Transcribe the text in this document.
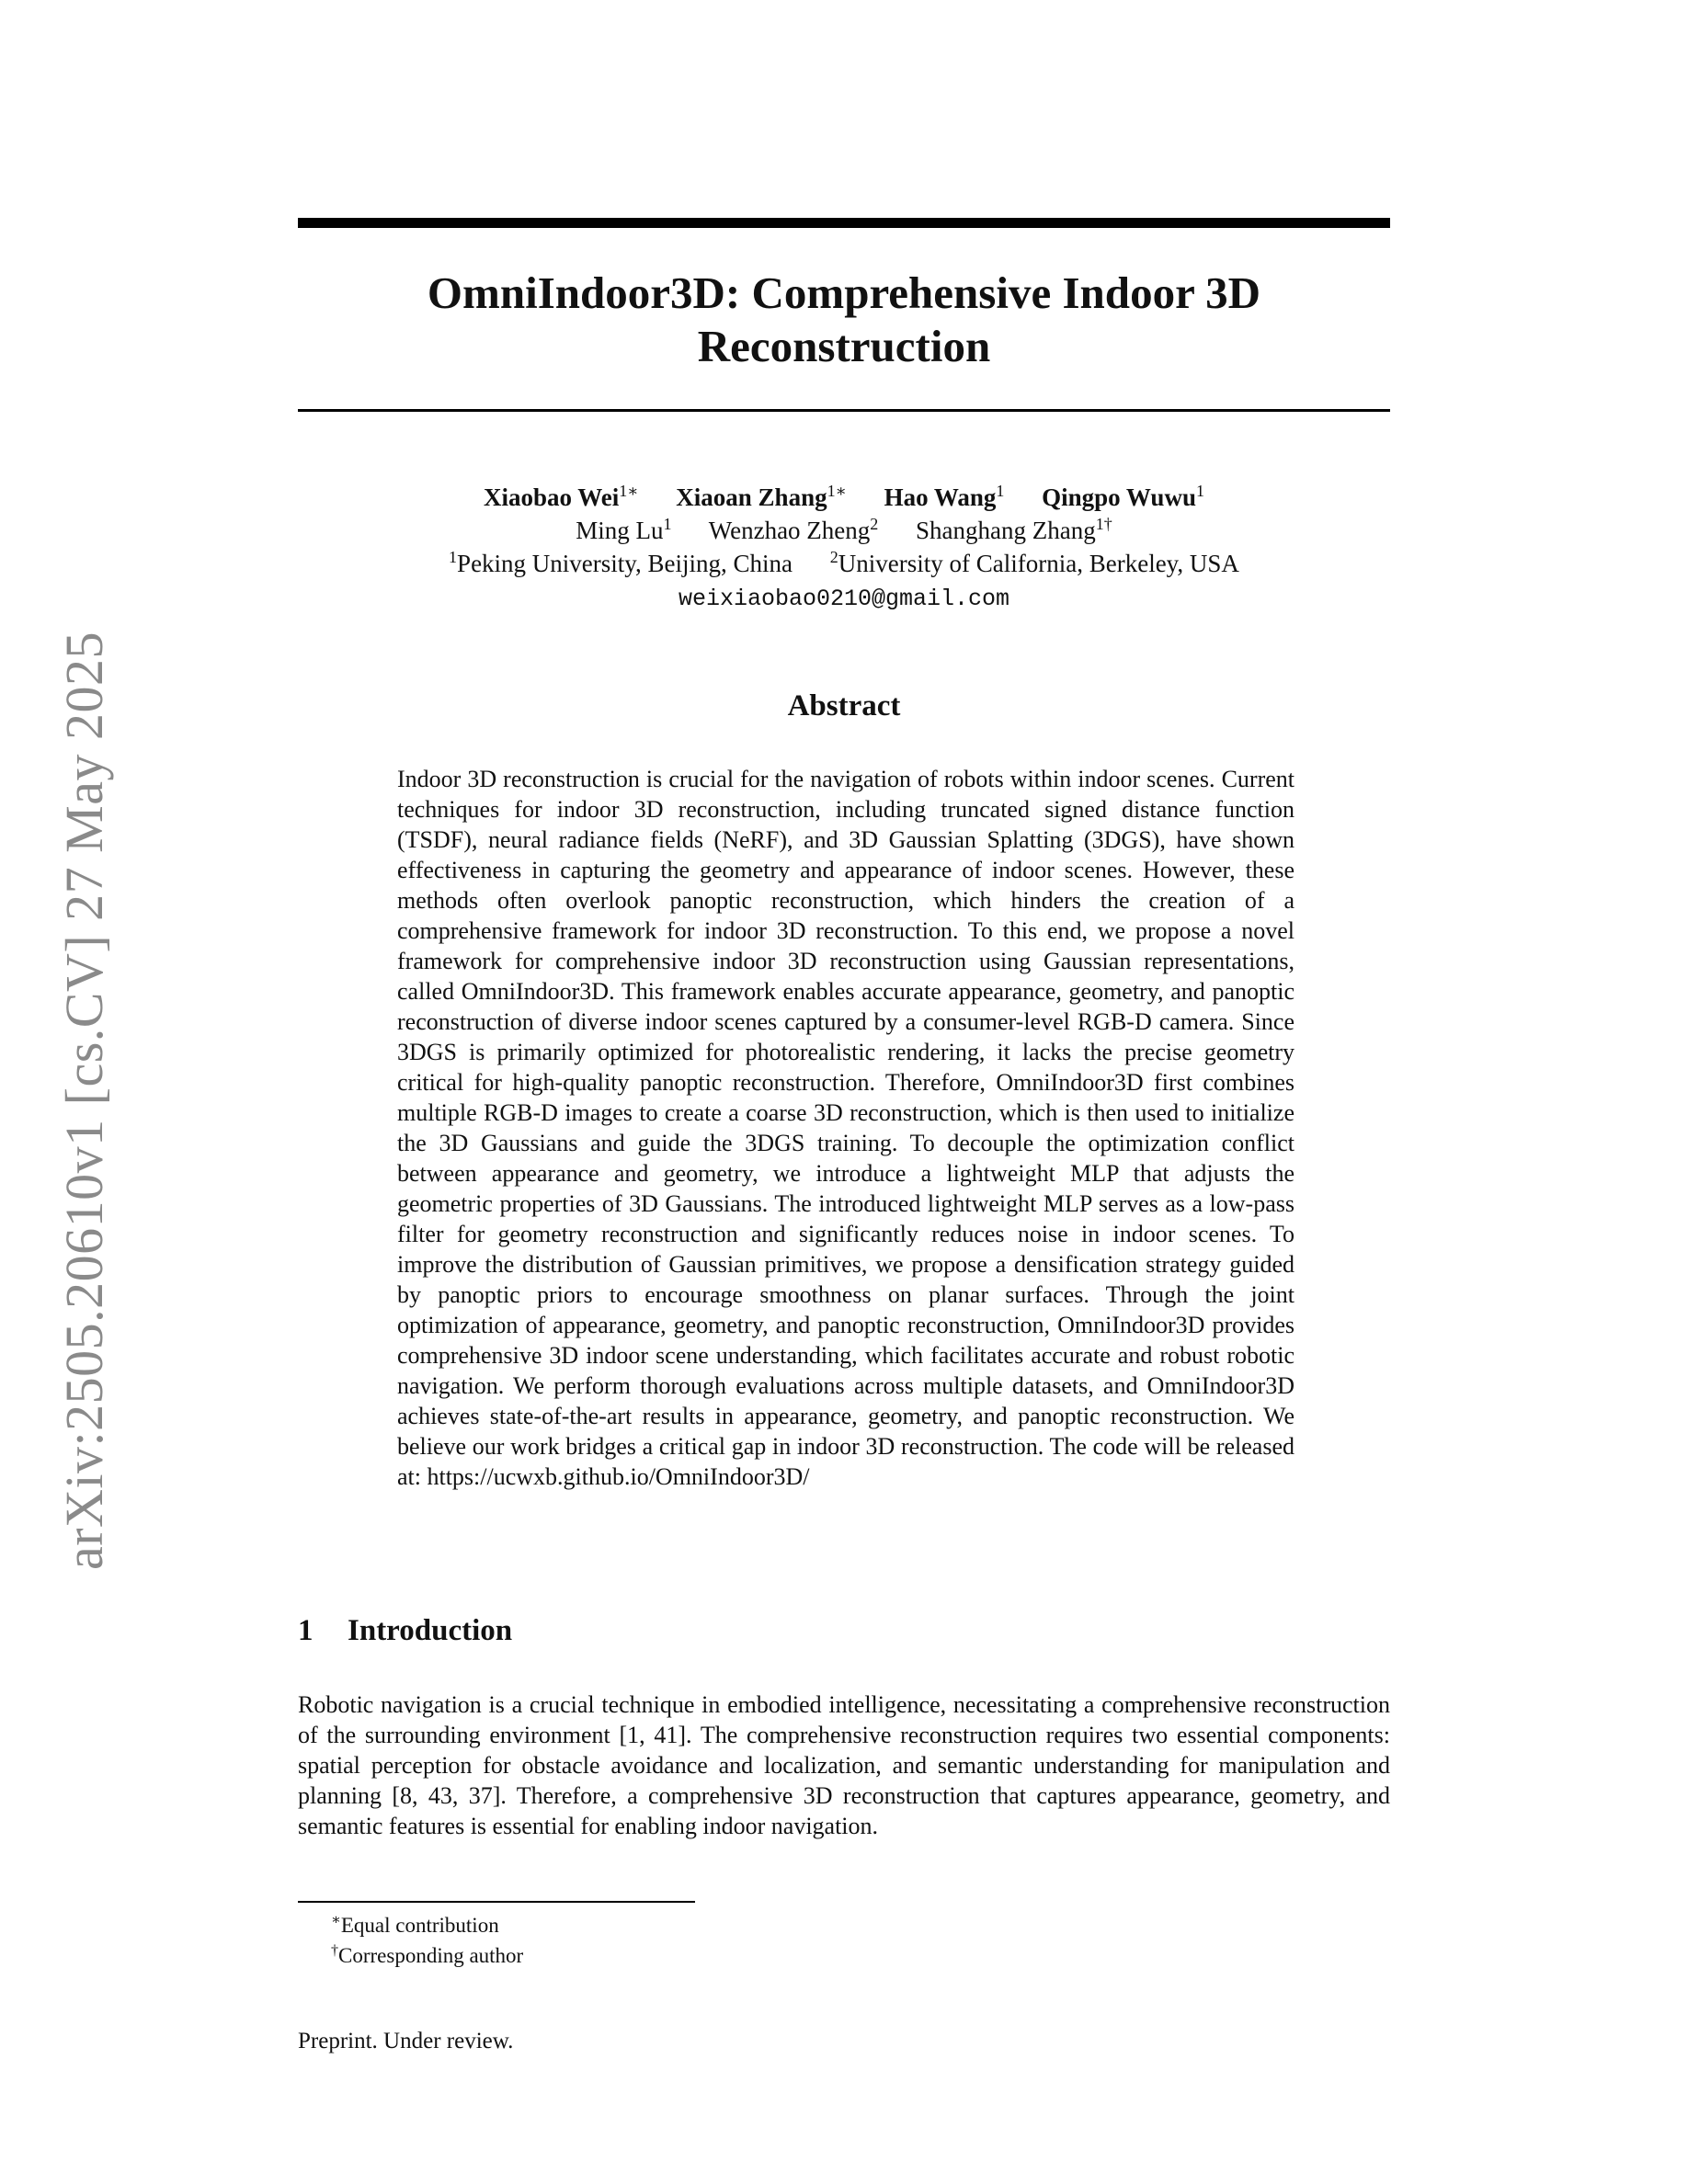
arXiv:2505.20610v1 [cs.CV] 27 May 2025
OmniIndoor3D: Comprehensive Indoor 3D Reconstruction
Xiaobao Wei$^{1∗}$ Xiaoan Zhang$^{1∗}$ Hao Wang$^1$ Qingpo Wuwu$^1$
Ming Lu$^1$ Wenzhao Zheng$^2$ Shanghang Zhang$^{1\dagger}$
$^1$Peking University, Beijing, China $^2$University of California, Berkeley, USA
weixiaobao0210@gmail.com
Abstract

Indoor 3D reconstruction is crucial for the navigation of robots within indoor scenes. Current techniques for indoor 3D reconstruction, including truncated signed distance function (TSDF), neural radiance fields (NeRF), and 3D Gaussian Splatting (3DGS), have shown effectiveness in capturing the geometry and appearance of indoor scenes. However, these methods often overlook panoptic reconstruction, which hinders the creation of a comprehensive framework for indoor 3D reconstruction. To this end, we propose a novel framework for comprehensive indoor 3D reconstruction using Gaussian representations, called OmniIndoor3D. This framework enables accurate appearance, geometry, and panoptic reconstruction of diverse indoor scenes captured by a consumer-level RGB-D camera. Since 3DGS is primarily optimized for photorealistic rendering, it lacks the precise geometry critical for high-quality panoptic reconstruction. Therefore, OmniIndoor3D first combines multiple RGB-D images to create a coarse 3D reconstruction, which is then used to initialize the 3D Gaussians and guide the 3DGS training. To decouple the optimization conflict between appearance and geometry, we introduce a lightweight MLP that adjusts the geometric properties of 3D Gaussians. The introduced lightweight MLP serves as a low-pass filter for geometry reconstruction and significantly reduces noise in indoor scenes. To improve the distribution of Gaussian primitives, we propose a densification strategy guided by panoptic priors to encourage smoothness on planar surfaces. Through the joint optimization of appearance, geometry, and panoptic reconstruction, OmniIndoor3D provides comprehensive 3D indoor scene understanding, which facilitates accurate and robust robotic navigation. We perform thorough evaluations across multiple datasets, and OmniIndoor3D achieves state-of-the-art results in appearance, geometry, and panoptic reconstruction. We believe our work bridges a critical gap in indoor 3D reconstruction. The code will be released at: https://ucwxb.github.io/OmniIndoor3D/

1 Introduction

Robotic navigation is a crucial technique in embodied intelligence, necessitating a comprehensive reconstruction of the surrounding environment [1, 41]. The comprehensive reconstruction requires two essential components: spatial perception for obstacle avoidance and localization, and semantic understanding for manipulation and planning [8, 43, 37]. Therefore, a comprehensive 3D reconstruction that captures appearance, geometry, and semantic features is essential for enabling indoor navigation.

∗Equal contribution
†Corresponding author
Preprint. Under review.
